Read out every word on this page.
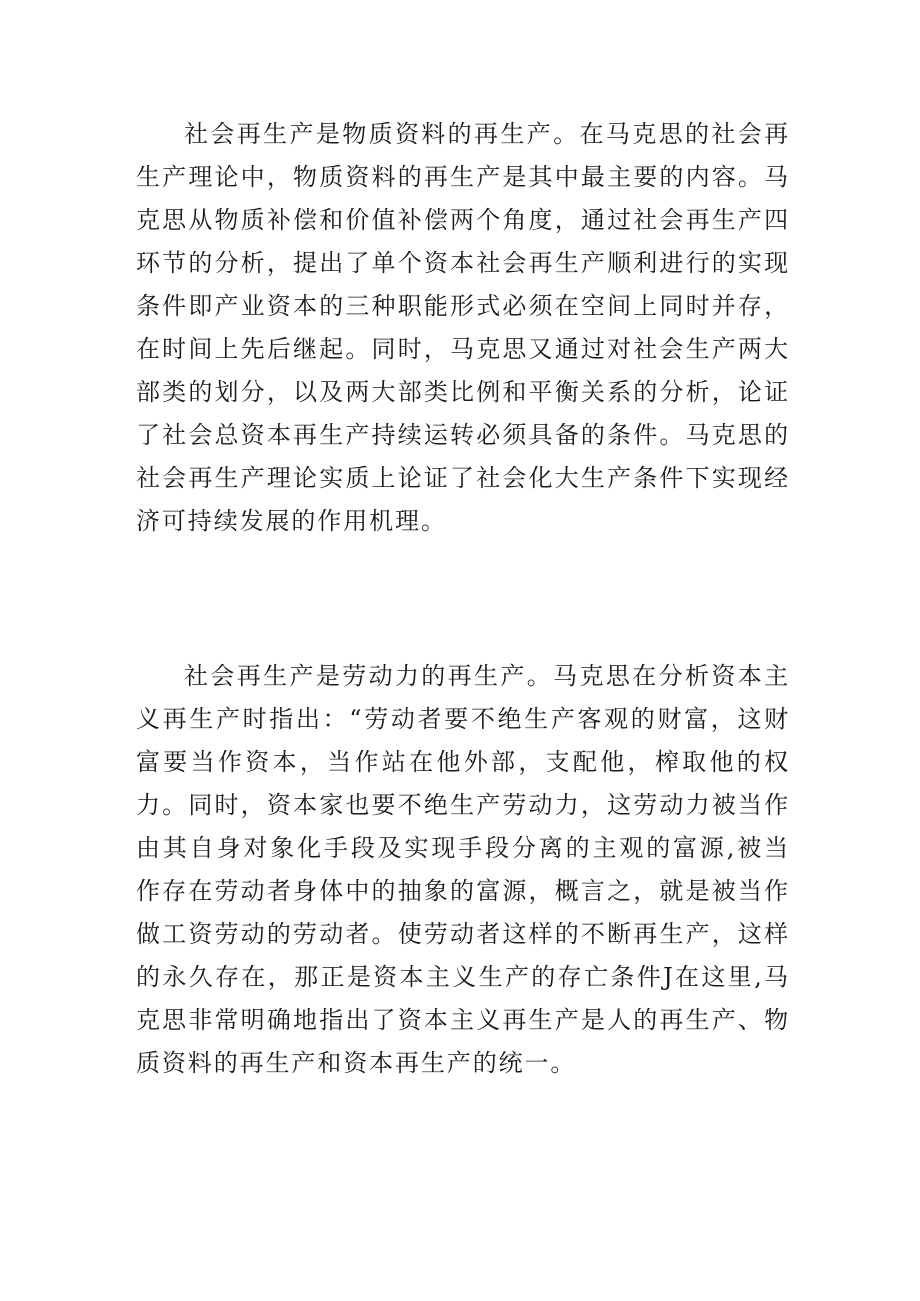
社会再生产是物质资料的再生产。在马克思的社会再生产理论中，物质资料的再生产是其中最主要的内容。马克思从物质补偿和价值补偿两个角度，通过社会再生产四环节的分析，提出了单个资本社会再生产顺利进行的实现条件即产业资本的三种职能形式必须在空间上同时并存，在时间上先后继起。同时，马克思又通过对社会生产两大部类的划分，以及两大部类比例和平衡关系的分析，论证了社会总资本再生产持续运转必须具备的条件。马克思的社会再生产理论实质上论证了社会化大生产条件下实现经济可持续发展的作用机理。

社会再生产是劳动力的再生产。马克思在分析资本主义再生产时指出：“劳动者要不绝生产客观的财富，这财富要当作资本，当作站在他外部，支配他，榨取他的权力。同时，资本家也要不绝生产劳动力，这劳动力被当作由其自身对象化手段及实现手段分离的主观的富源,被当作存在劳动者身体中的抽象的富源，概言之，就是被当作做工资劳动的劳动者。使劳动者这样的不断再生产，这样的永久存在，那正是资本主义生产的存亡条件J在这里,马克思非常明确地指出了资本主义再生产是人的再生产、物质资料的再生产和资本再生产的统一。
